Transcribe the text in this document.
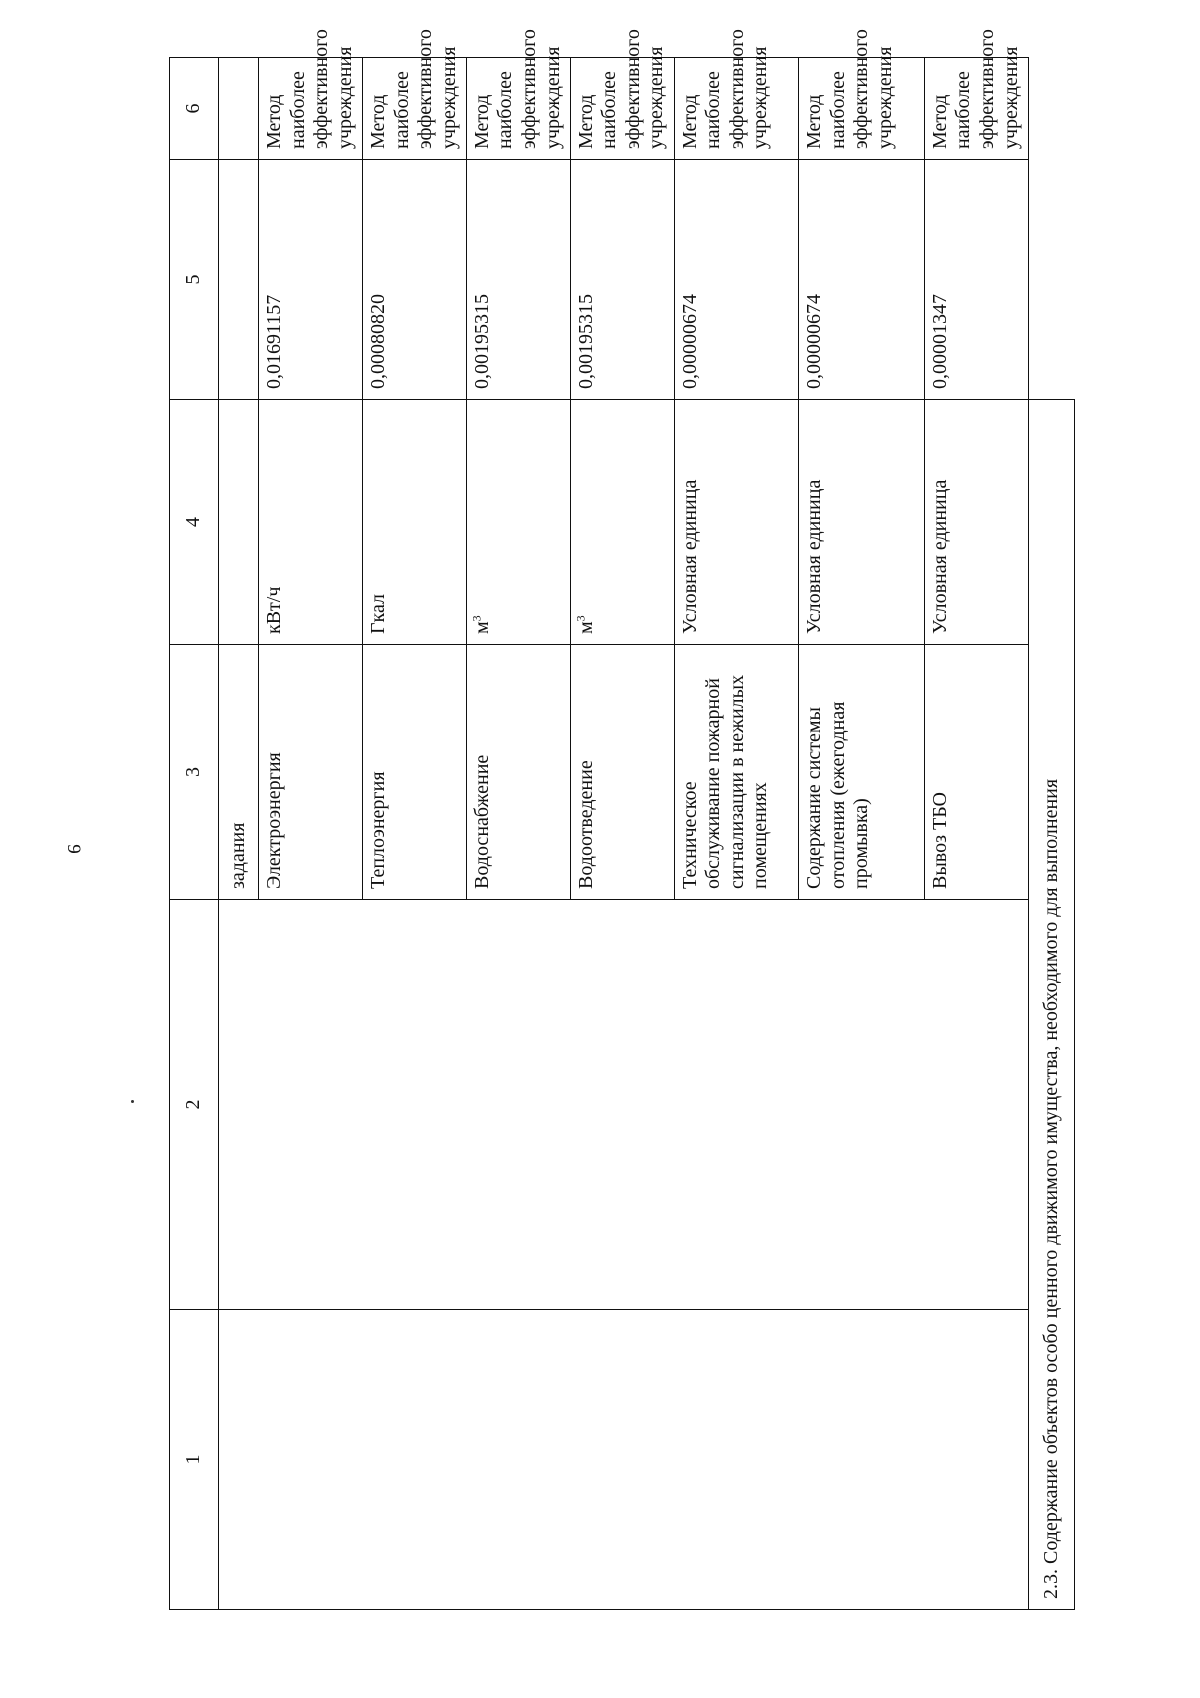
9
1	2	3	4	5	6
		задания			
		Электроэнергия	кВт/ч	0,01691157	Метод наиболее эффективного учреждения
		Теплоэнергия	Гкал	0,00080820	Метод наиболее эффективного учреждения
		Водоснабжение	$м^3$	0,00195315	Метод наиболее эффективного учреждения
		Водоотведение	$м^3$	0,00195315	Метод наиболее эффективного учреждения
		Техническое обслуживание пожарной сигнализации в нежилых помещениях	Условная единица	0,00000674	Метод наиболее эффективного учреждения
		Содержание системы отопления (ежегодная промывка)	Условная единица	0,00000674	Метод наиболее эффективного учреждения
		Вывоз ТБО	Условная единица	0,00001347	Метод наиболее эффективного учреждения
2.3. Содержание объектов особо ценного движимого имущества, необходимого для выполнения					
